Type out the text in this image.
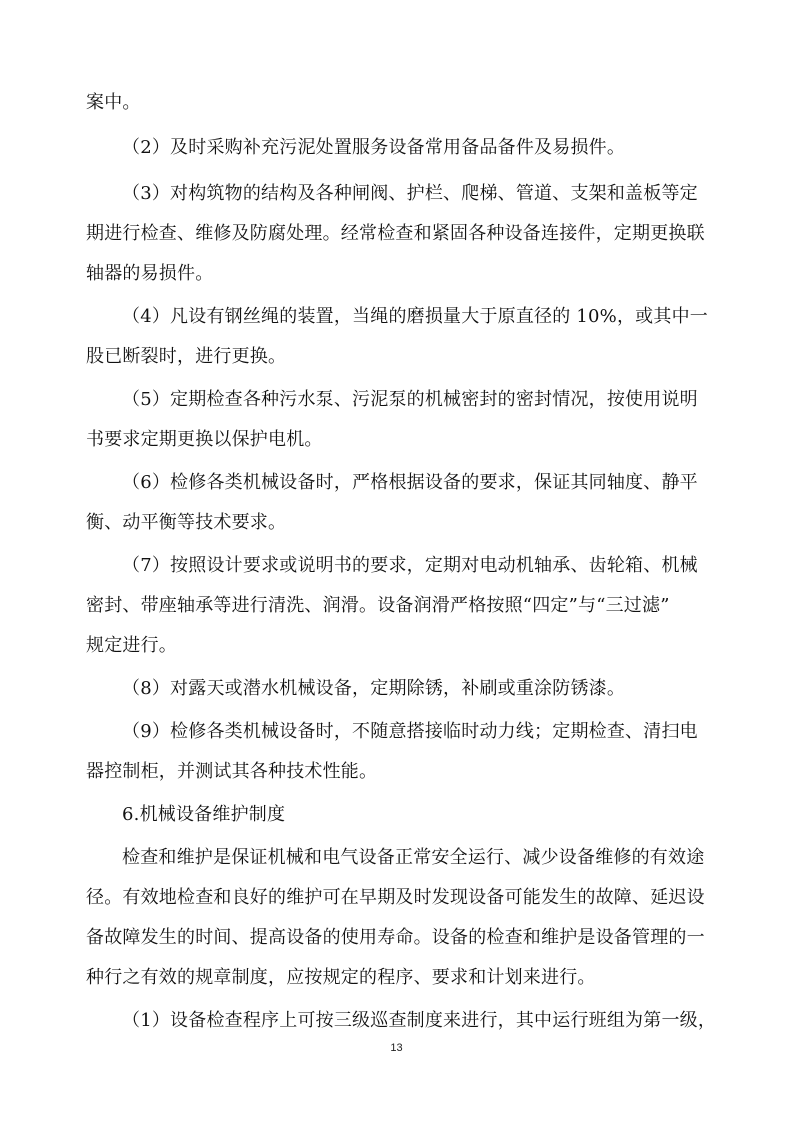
案中。
（2）及时采购补充污泥处置服务设备常用备品备件及易损件。
（3）对构筑物的结构及各种闸阀、护栏、爬梯、管道、支架和盖板等定
期进行检查、维修及防腐处理。经常检查和紧固各种设备连接件，定期更换联
轴器的易损件。
（4）凡设有钢丝绳的装置，当绳的磨损量大于原直径的 10%，或其中一
股已断裂时，进行更换。
（5）定期检查各种污水泵、污泥泵的机械密封的密封情况，按使用说明
书要求定期更换以保护电机。
（6）检修各类机械设备时，严格根据设备的要求，保证其同轴度、静平
衡、动平衡等技术要求。
（7）按照设计要求或说明书的要求，定期对电动机轴承、齿轮箱、机械
密封、带座轴承等进行清洗、润滑。设备润滑严格按照“四定”与“三过滤”
规定进行。
（8）对露天或潜水机械设备，定期除锈，补刷或重涂防锈漆。
（9）检修各类机械设备时，不随意搭接临时动力线；定期检查、清扫电
器控制柜，并测试其各种技术性能。
6.机械设备维护制度
检查和维护是保证机械和电气设备正常安全运行、减少设备维修的有效途
径。有效地检查和良好的维护可在早期及时发现设备可能发生的故障、延迟设
备故障发生的时间、提高设备的使用寿命。设备的检查和维护是设备管理的一
种行之有效的规章制度，应按规定的程序、要求和计划来进行。
（1）设备检查程序上可按三级巡查制度来进行，其中运行班组为第一级，
13
